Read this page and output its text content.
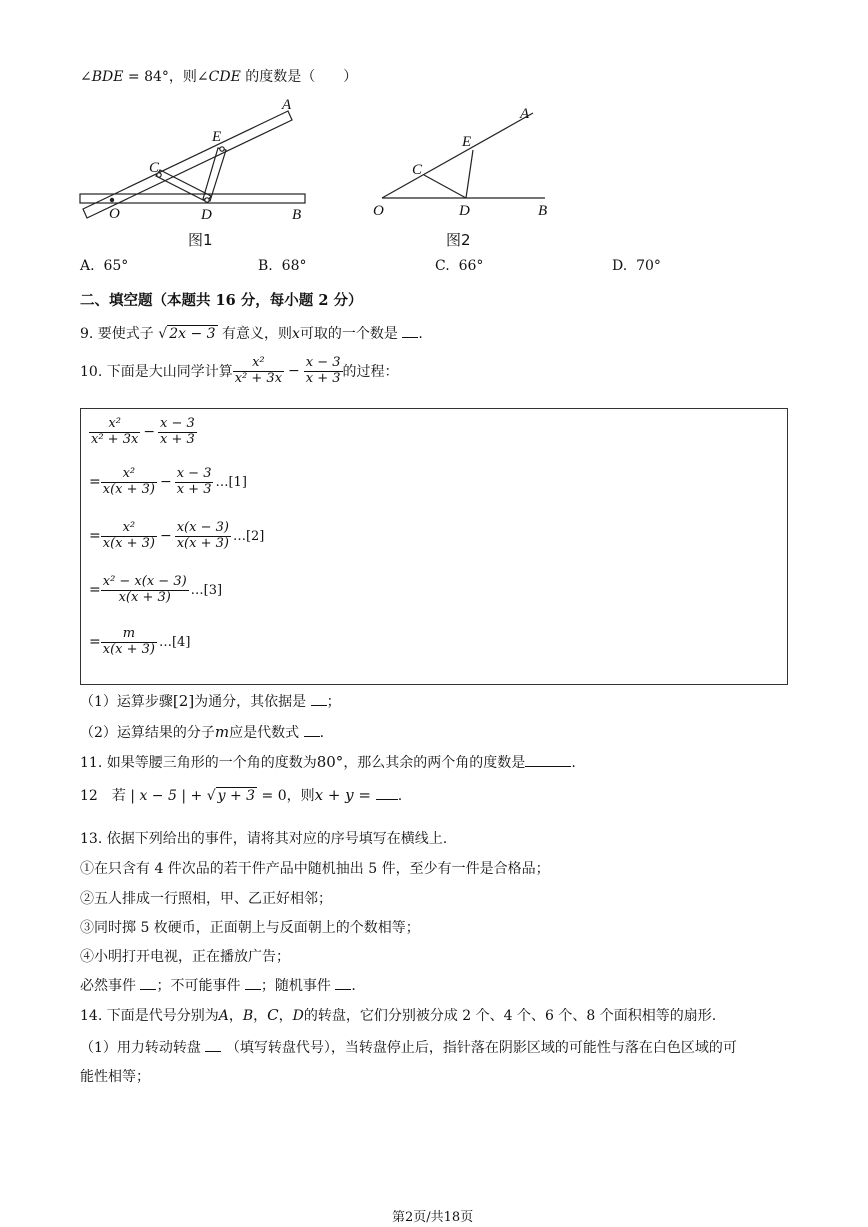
∠BDE = 84°，则∠CDE 的度数是（　　）
A
E
C
O	D	B
A
E
C
O	D	B
图1	图2
A. 65°	B. 68°	C. 66°	D. 70°
二、填空题（本题共 16 分，每小题 2 分）
9. 要使式子 √ 2x − 3 有意义，则x可取的一个数是 .
10. 下面是大山同学计算 $\frac{\text{x²}}{\text{x² + 3x}} - \frac{x - 3}{x + 3}$ 的过程：
$\frac{\text{x²}}{\text{x² + 3x}} - \frac{x - 3}{x + 3}$
= $\frac{\text{x²}}{x(x + 3)} - \frac{x - 3}{x + 3}$ …[1]
= $\frac{\text{x²}}{x(x + 3)} - \frac{x(x - 3)}{x(x + 3)}$ …[2]
= $\frac{\text{x² − x(x − 3)}}{x(x + 3)}$ …[3]
= $\frac{m}{x(x + 3)}$ …[4]
（1）运算步骤[2]为通分，其依据是 ；
（2）运算结果的分子m应是代数式 .
11. 如果等腰三角形的一个角的度数为80°，那么其余的两个角的度数是	.
12　若 | x − 5 | + √ y + 3 = 0，则x + y = .
13. 依据下列给出的事件，请将其对应的序号填写在横线上.
①在只含有 4 件次品的若干件产品中随机抽出 5 件，至少有一件是合格品；
②五人排成一行照相，甲、乙正好相邻；
③同时掷 5 枚硬币，正面朝上与反面朝上的个数相等；
④小明打开电视，正在播放广告；
必然事件 ；不可能事件 ；随机事件 .
14. 下面是代号分别为A，B，C，D的转盘，它们分别被分成 2 个、4 个、6 个、8 个面积相等的扇形.
（1）用力转动转盘 （填写转盘代号），当转盘停止后，指针落在阴影区域的可能性与落在白色区域的可
能性相等；
第2页/共18页
